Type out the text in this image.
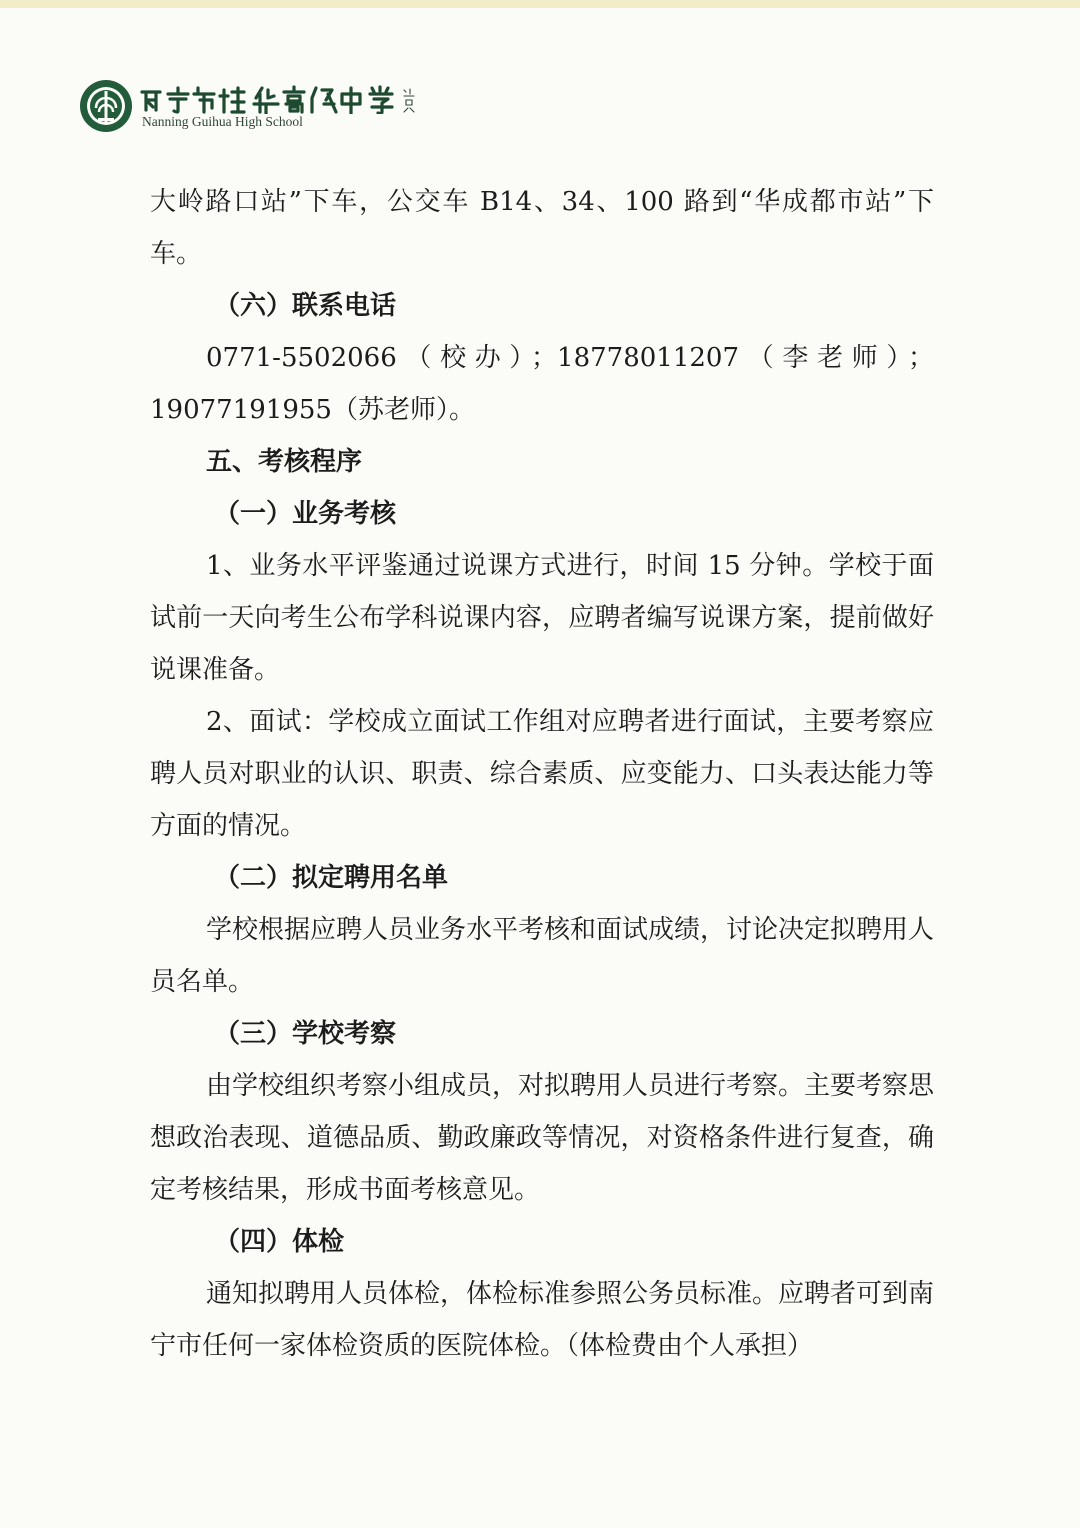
Nanning Guihua High School

大岭路口站”下车，公交车 B14、34、100 路到“华成都市站”下车。

（六）联系电话

0771-5502066（校办）；18778011207（李老师）；19077191955（苏老师）。

五、考核程序

（一）业务考核

1、业务水平评鉴通过说课方式进行，时间 15 分钟。学校于面试前一天向考生公布学科说课内容，应聘者编写说课方案，提前做好说课准备。

2、面试：学校成立面试工作组对应聘者进行面试，主要考察应聘人员对职业的认识、职责、综合素质、应变能力、口头表达能力等方面的情况。

（二）拟定聘用名单

学校根据应聘人员业务水平考核和面试成绩，讨论决定拟聘用人员名单。

（三）学校考察

由学校组织考察小组成员，对拟聘用人员进行考察。主要考察思想政治表现、道德品质、勤政廉政等情况，对资格条件进行复查，确定考核结果，形成书面考核意见。

（四）体检

通知拟聘用人员体检，体检标准参照公务员标准。应聘者可到南宁市任何一家体检资质的医院体检。（体检费由个人承担）
